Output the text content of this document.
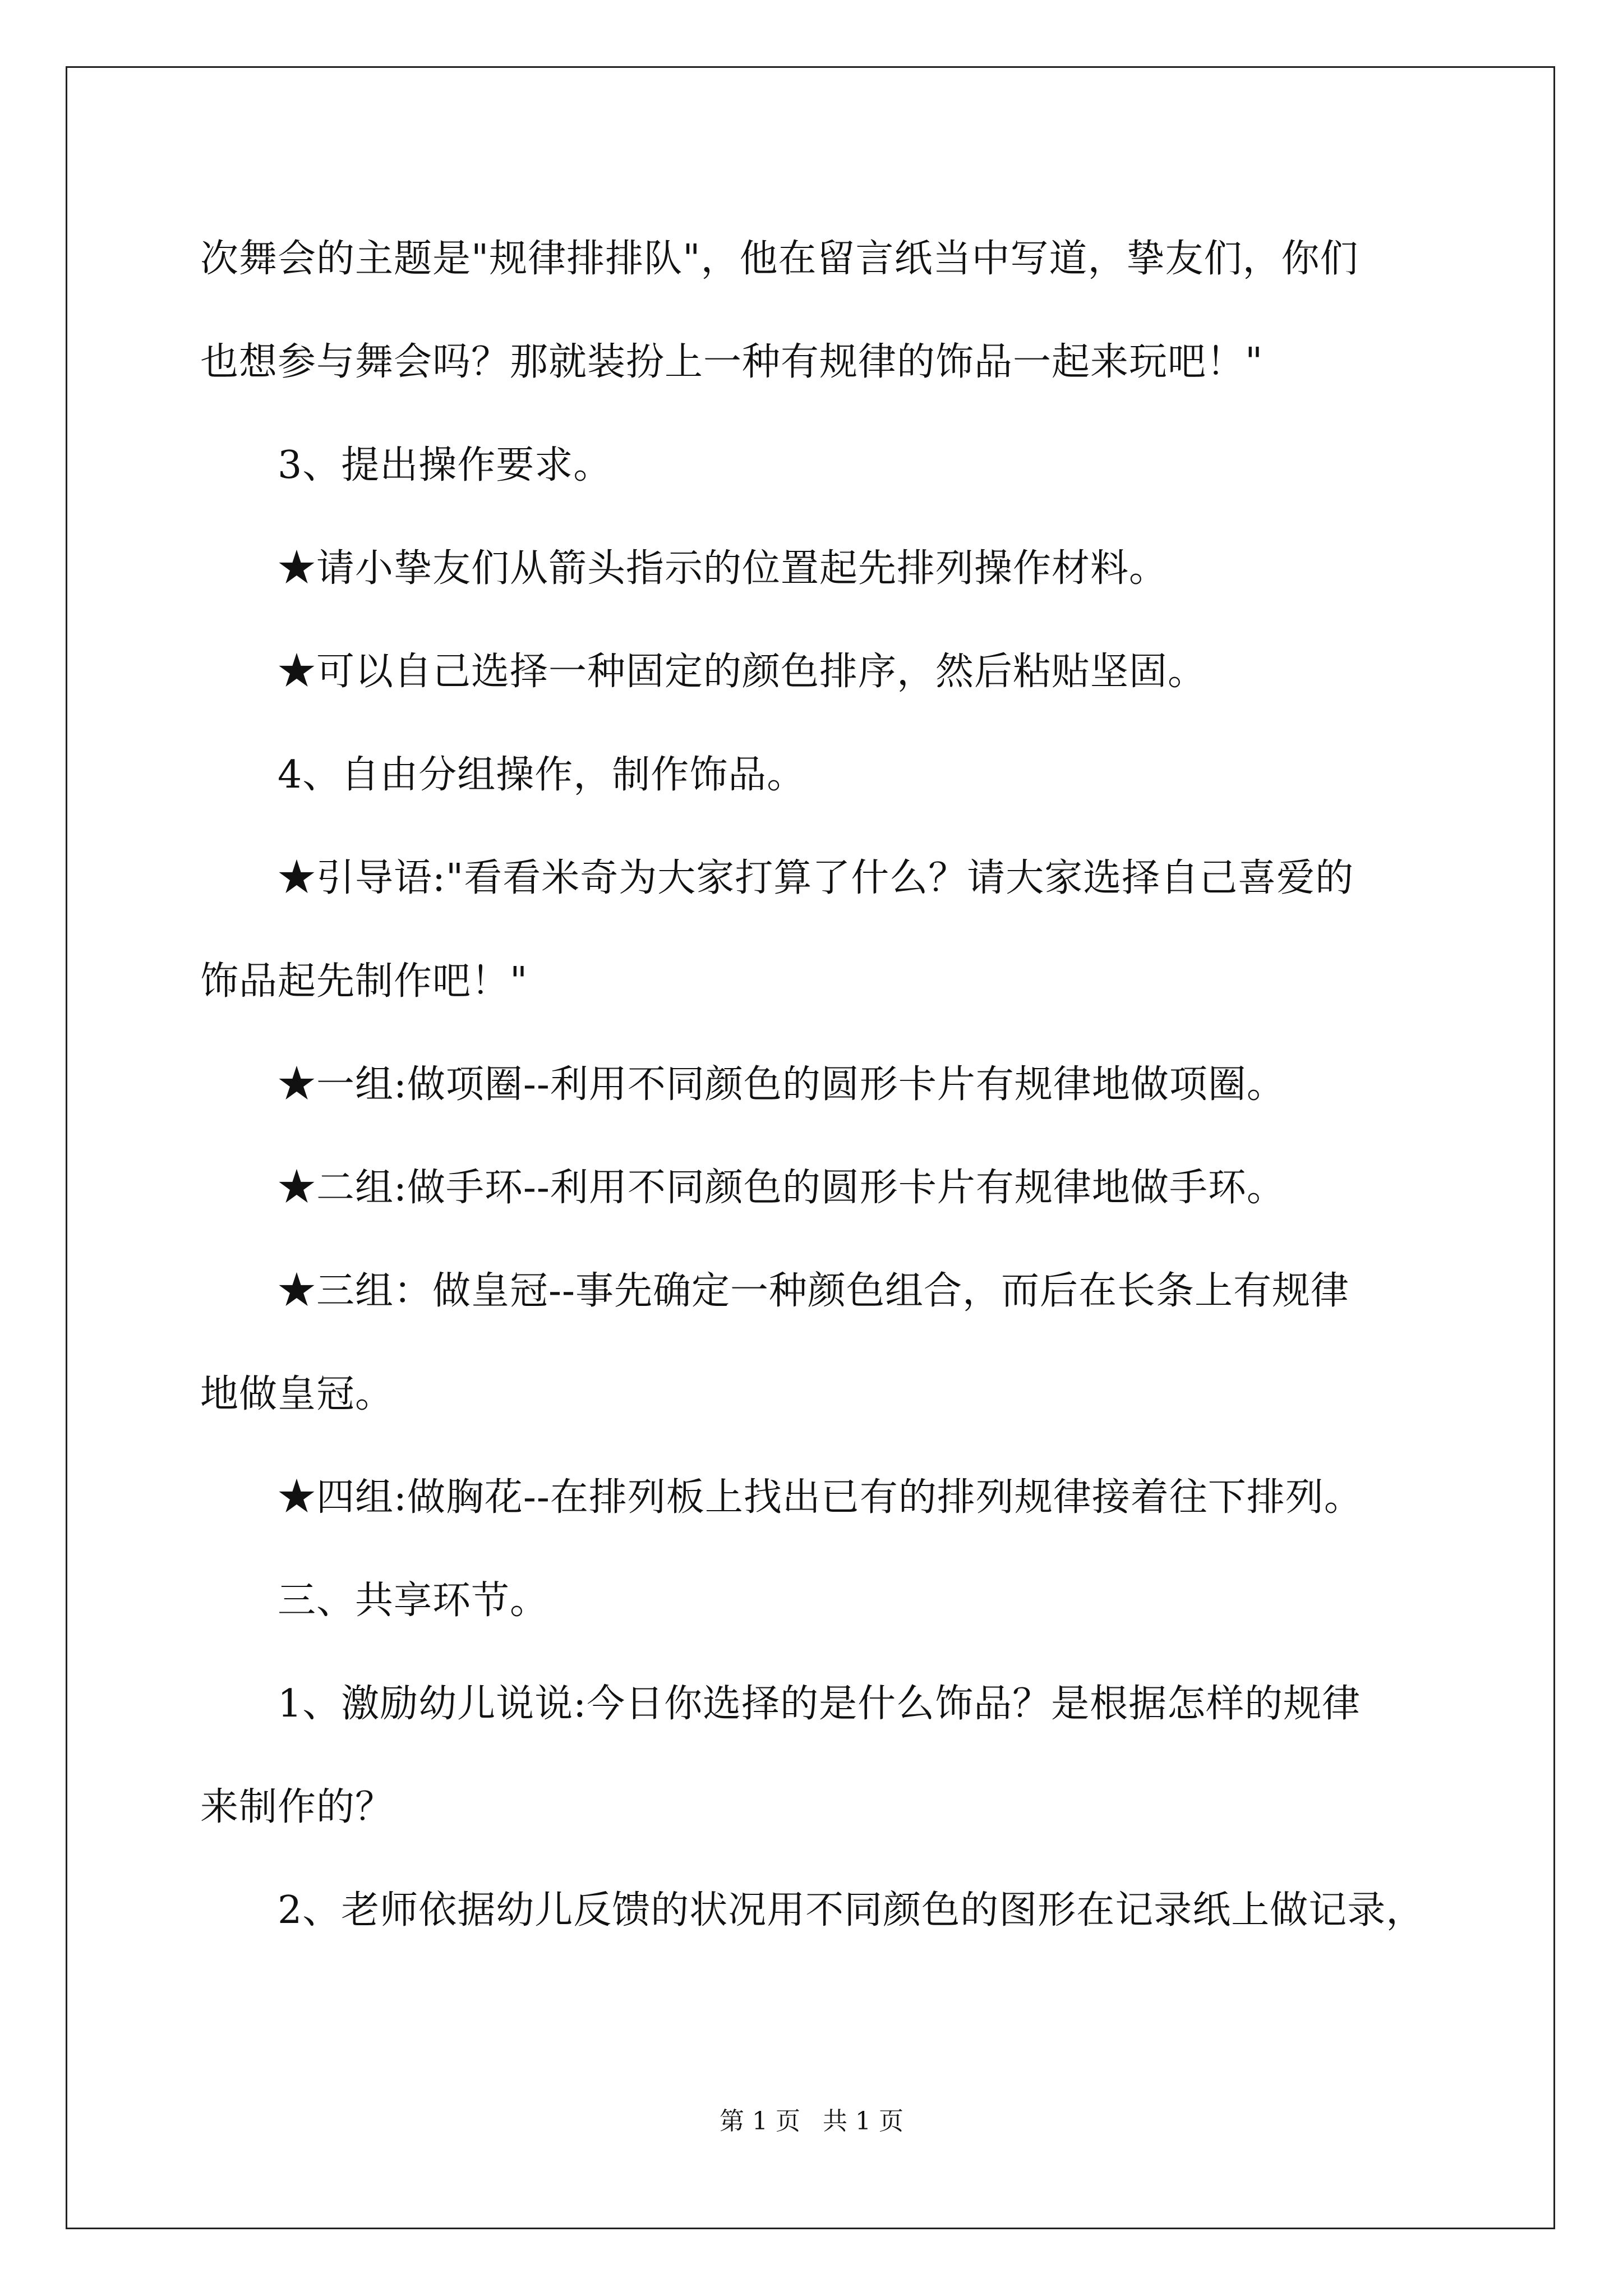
次舞会的主题是"规律排排队"，他在留言纸当中写道，挚友们，你们
也想参与舞会吗？那就装扮上一种有规律的饰品一起来玩吧！"
3、提出操作要求。
★请小挚友们从箭头指示的位置起先排列操作材料。
★可以自己选择一种固定的颜色排序，然后粘贴坚固。
4、自由分组操作，制作饰品。
★引导语:"看看米奇为大家打算了什么？请大家选择自己喜爱的
饰品起先制作吧！"
★一组:做项圈--利用不同颜色的圆形卡片有规律地做项圈。
★二组:做手环--利用不同颜色的圆形卡片有规律地做手环。
★三组：做皇冠--事先确定一种颜色组合，而后在长条上有规律
地做皇冠。
★四组:做胸花--在排列板上找出已有的排列规律接着往下排列。
三、共享环节。
1、激励幼儿说说:今日你选择的是什么饰品？是根据怎样的规律
来制作的？
2、老师依据幼儿反馈的状况用不同颜色的图形在记录纸上做记录，
第 1 页 共 1 页
